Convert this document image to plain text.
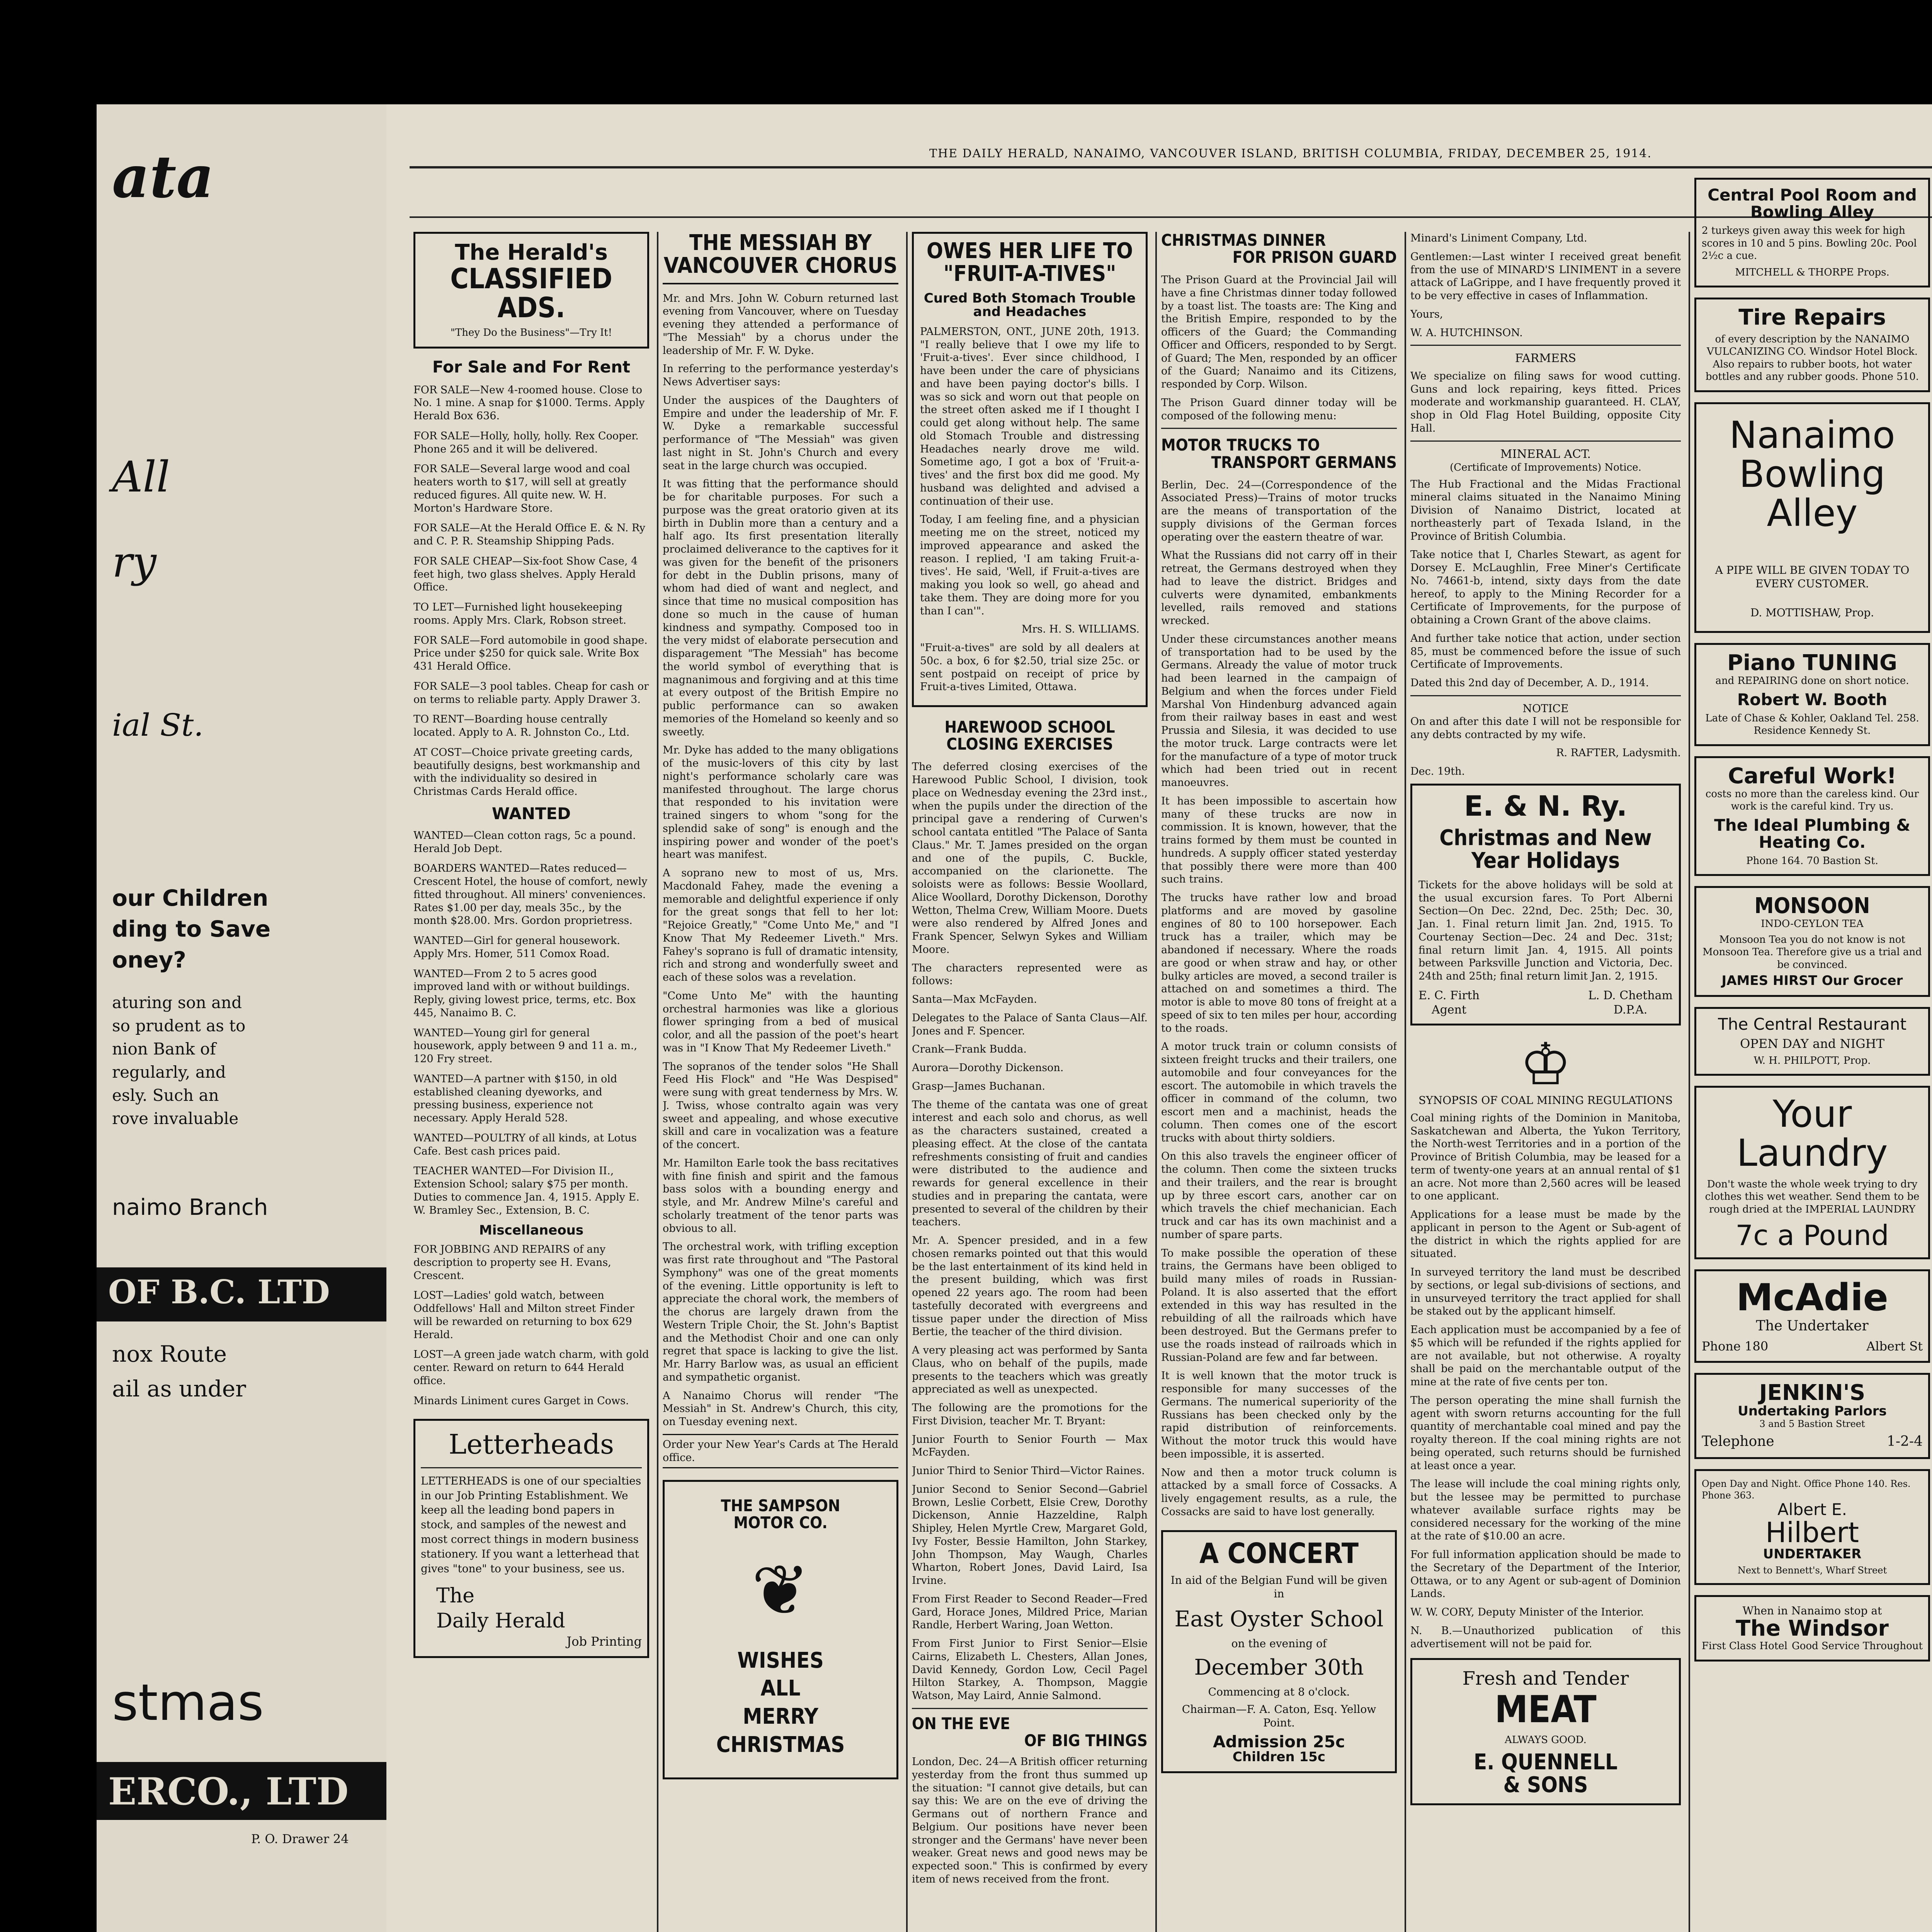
ata
All
ry
ial St.
our Children
ding to Save
oney?
aturing son and
so prudent as to
nion Bank of
regularly, and
esly. Such an
rove invaluable
naimo Branch
OF B.C. LTD
nox Route
ail as under
stmas
ERCO., LTD
P. O. Drawer 24
THE DAILY HERALD, NANAIMO, VANCOUVER ISLAND, BRITISH COLUMBIA, FRIDAY, DECEMBER 25, 1914.
The Herald's
CLASSIFIED ADS.
"They Do the Business"—Try It!
For Sale and For Rent
FOR SALE—New 4-roomed house. Close to No. 1 mine. A snap for $1000. Terms. Apply Herald Box 636.
FOR SALE—Holly, holly, holly. Rex Cooper. Phone 265 and it will be delivered.
FOR SALE—Several large wood and coal heaters worth to $17, will sell at greatly reduced figures. All quite new. W. H. Morton's Hardware Store.
FOR SALE—At the Herald Office E. & N. Ry and C. P. R. Steamship Shipping Pads.
FOR SALE CHEAP—Six-foot Show Case, 4 feet high, two glass shelves. Apply Herald Office.
TO LET—Furnished light housekeeping rooms. Apply Mrs. Clark, Robson street.
FOR SALE—Ford automobile in good shape. Price under $250 for quick sale. Write Box 431 Herald Office.
FOR SALE—3 pool tables. Cheap for cash or on terms to reliable party. Apply Drawer 3.
TO RENT—Boarding house centrally located. Apply to A. R. Johnston Co., Ltd.
AT COST—Choice private greeting cards, beautifully designs, best workmanship and with the individuality so desired in Christmas Cards Herald office.
WANTED
WANTED—Clean cotton rags, 5c a pound. Herald Job Dept.
BOARDERS WANTED—Rates reduced—Crescent Hotel, the house of comfort, newly fitted throughout. All miners' conveniences. Rates $1.00 per day, meals 35c., by the month $28.00. Mrs. Gordon proprietress.
WANTED—Girl for general housework. Apply Mrs. Homer, 511 Comox Road.
WANTED—From 2 to 5 acres good improved land with or without buildings. Reply, giving lowest price, terms, etc. Box 445, Nanaimo B. C.
WANTED—Young girl for general housework, apply between 9 and 11 a. m., 120 Fry street.
WANTED—A partner with $150, in old established cleaning dyeworks, and pressing business, experience not necessary. Apply Herald 528.
WANTED—POULTRY of all kinds, at Lotus Cafe. Best cash prices paid.
TEACHER WANTED—For Division II., Extension School; salary $75 per month. Duties to commence Jan. 4, 1915. Apply E. W. Bramley Sec., Extension, B. C.
Miscellaneous
FOR JOBBING AND REPAIRS of any description to property see H. Evans, Crescent.
LOST—Ladies' gold watch, between Oddfellows' Hall and Milton street Finder will be rewarded on returning to box 629 Herald.
LOST—A green jade watch charm, with gold center. Reward on return to 644 Herald office.
Minards Liniment cures Garget in Cows.
Letterheads
LETTERHEADS is one of our specialties in our Job Printing Establishment. We keep all the leading bond papers in stock, and samples of the newest and most correct things in modern business stationery. If you want a letterhead that gives "tone" to your business, see us.
The
Daily Herald
Job Printing
THE MESSIAH BY VANCOUVER CHORUS

Mr. and Mrs. John W. Coburn returned last evening from Vancouver, where on Tuesday evening they attended a performance of "The Messiah" by a chorus under the leadership of Mr. F. W. Dyke.

In referring to the performance yesterday's News Advertiser says:

Under the auspices of the Daughters of Empire and under the leadership of Mr. F. W. Dyke a remarkable successful performance of "The Messiah" was given last night in St. John's Church and every seat in the large church was occupied.

It was fitting that the performance should be for charitable purposes. For such a purpose was the great oratorio given at its birth in Dublin more than a century and a half ago. Its first presentation literally proclaimed deliverance to the captives for it was given for the benefit of the prisoners for debt in the Dublin prisons, many of whom had died of want and neglect, and since that time no musical composition has done so much in the cause of human kindness and sympathy. Composed too in the very midst of elaborate persecution and disparagement "The Messiah" has become the world symbol of everything that is magnanimous and forgiving and at this time at every outpost of the British Empire no public performance can so awaken memories of the Homeland so keenly and so sweetly.

Mr. Dyke has added to the many obligations of the music-lovers of this city by last night's performance scholarly care was manifested throughout. The large chorus that responded to his invitation were trained singers to whom "song for the splendid sake of song" is enough and the inspiring power and wonder of the poet's heart was manifest.

A soprano new to most of us, Mrs. Macdonald Fahey, made the evening a memorable and delightful experience if only for the great songs that fell to her lot: "Rejoice Greatly," "Come Unto Me," and "I Know That My Redeemer Liveth." Mrs. Fahey's soprano is full of dramatic intensity, rich and strong and wonderfully sweet and each of these solos was a revelation.

"Come Unto Me" with the haunting orchestral harmonies was like a glorious flower springing from a bed of musical color, and all the passion of the poet's heart was in "I Know That My Redeemer Liveth."

The sopranos of the tender solos "He Shall Feed His Flock" and "He Was Despised" were sung with great tenderness by Mrs. W. J. Twiss, whose contralto again was very sweet and appealing, and whose executive skill and care in vocalization was a feature of the concert.

Mr. Hamilton Earle took the bass recitatives with fine finish and spirit and the famous bass solos with a bounding energy and style, and Mr. Andrew Milne's careful and scholarly treatment of the tenor parts was obvious to all.

The orchestral work, with trifling exception was first rate throughout and "The Pastoral Symphony" was one of the great moments of the evening. Little opportunity is left to appreciate the choral work, the members of the chorus are largely drawn from the Western Triple Choir, the St. John's Baptist and the Methodist Choir and one can only regret that space is lacking to give the list. Mr. Harry Barlow was, as usual an efficient and sympathetic organist.

A Nanaimo Chorus will render "The Messiah" in St. Andrew's Church, this city, on Tuesday evening next.

Order your New Year's Cards at The Herald office.

THE SAMPSON
MOTOR CO.
❦
WISHES
ALL
MERRY
CHRISTMAS
OWES HER LIFE TO "FRUIT-A-TIVES"
Cured Both Stomach Trouble and Headaches

PALMERSTON, ONT., JUNE 20th, 1913. "I really believe that I owe my life to 'Fruit-a-tives'. Ever since childhood, I have been under the care of physicians and have been paying doctor's bills. I was so sick and worn out that people on the street often asked me if I thought I could get along without help. The same old Stomach Trouble and distressing Headaches nearly drove me wild. Sometime ago, I got a box of 'Fruit-a-tives' and the first box did me good. My husband was delighted and advised a continuation of their use.

Today, I am feeling fine, and a physician meeting me on the street, noticed my improved appearance and asked the reason. I replied, 'I am taking Fruit-a-tives'. He said, 'Well, if Fruit-a-tives are making you look so well, go ahead and take them. They are doing more for you than I can'".

Mrs. H. S. WILLIAMS.

"Fruit-a-tives" are sold by all dealers at 50c. a box, 6 for $2.50, trial size 25c. or sent postpaid on receipt of price by Fruit-a-tives Limited, Ottawa.

HAREWOOD SCHOOL
CLOSING EXERCISES

The deferred closing exercises of the Harewood Public School, I division, took place on Wednesday evening the 23rd inst., when the pupils under the direction of the principal gave a rendering of Curwen's school cantata entitled "The Palace of Santa Claus." Mr. T. James presided on the organ and one of the pupils, C. Buckle, accompanied on the clarionette. The soloists were as follows: Bessie Woollard, Alice Woollard, Dorothy Dickenson, Dorothy Wetton, Thelma Crew, William Moore. Duets were also rendered by Alfred Jones and Frank Spencer, Selwyn Sykes and William Moore.

The characters represented were as follows:

Santa—Max McFayden.

Delegates to the Palace of Santa Claus—Alf. Jones and F. Spencer.

Crank—Frank Budda.

Aurora—Dorothy Dickenson.

Grasp—James Buchanan.

The theme of the cantata was one of great interest and each solo and chorus, as well as the characters sustained, created a pleasing effect. At the close of the cantata refreshments consisting of fruit and candies were distributed to the audience and rewards for general excellence in their studies and in preparing the cantata, were presented to several of the children by their teachers.

Mr. A. Spencer presided, and in a few chosen remarks pointed out that this would be the last entertainment of its kind held in the present building, which was first opened 22 years ago. The room had been tastefully decorated with evergreens and tissue paper under the direction of Miss Bertie, the teacher of the third division.

A very pleasing act was performed by Santa Claus, who on behalf of the pupils, made presents to the teachers which was greatly appreciated as well as unexpected.

The following are the promotions for the First Division, teacher Mr. T. Bryant:

Junior Fourth to Senior Fourth — Max McFayden.

Junior Third to Senior Third—Victor Raines.

Junior Second to Senior Second—Gabriel Brown, Leslie Corbett, Elsie Crew, Dorothy Dickenson, Annie Hazzeldine, Ralph Shipley, Helen Myrtle Crew, Margaret Gold, Ivy Foster, Bessie Hamilton, John Starkey, John Thompson, May Waugh, Charles Wharton, Robert Jones, David Laird, Isa Irvine.

From First Reader to Second Reader—Fred Gard, Horace Jones, Mildred Price, Marian Randle, Herbert Waring, Joan Wetton.

From First Junior to First Senior—Elsie Cairns, Elizabeth L. Chesters, Allan Jones, David Kennedy, Gordon Low, Cecil Pagel Hilton Starkey, A. Thompson, Maggie Watson, May Laird, Annie Salmond.

ON THE EVE
OF BIG THINGS

London, Dec. 24—A British officer returning yesterday from the front thus summed up the situation: "I cannot give details, but can say this: We are on the eve of driving the Germans out of northern France and Belgium. Our positions have never been stronger and the Germans' have never been weaker. Great news and good news may be expected soon." This is confirmed by every item of news received from the front.

CHRISTMAS DINNER
FOR PRISON GUARD

The Prison Guard at the Provincial Jail will have a fine Christmas dinner today followed by a toast list. The toasts are: The King and the British Empire, responded to by the officers of the Guard; the Commanding Officer and Officers, responded to by Sergt. of Guard; The Men, responded by an officer of the Guard; Nanaimo and its Citizens, responded by Corp. Wilson.

The Prison Guard dinner today will be composed of the following menu:

MOTOR TRUCKS TO
TRANSPORT GERMANS

Berlin, Dec. 24—(Correspondence of the Associated Press)—Trains of motor trucks are the means of transportation of the supply divisions of the German forces operating over the eastern theatre of war.

What the Russians did not carry off in their retreat, the Germans destroyed when they had to leave the district. Bridges and culverts were dynamited, embankments levelled, rails removed and stations wrecked.

Under these circumstances another means of transportation had to be used by the Germans. Already the value of motor truck had been learned in the campaign of Belgium and when the forces under Field Marshal Von Hindenburg advanced again from their railway bases in east and west Prussia and Silesia, it was decided to use the motor truck. Large contracts were let for the manufacture of a type of motor truck which had been tried out in recent manoeuvres.

It has been impossible to ascertain how many of these trucks are now in commission. It is known, however, that the trains formed by them must be counted in hundreds. A supply officer stated yesterday that possibly there were more than 400 such trains.

The trucks have rather low and broad platforms and are moved by gasoline engines of 80 to 100 horsepower. Each truck has a trailer, which may be abandoned if necessary. Where the roads are good or when straw and hay, or other bulky articles are moved, a second trailer is attached on and sometimes a third. The motor is able to move 80 tons of freight at a speed of six to ten miles per hour, according to the roads.

A motor truck train or column consists of sixteen freight trucks and their trailers, one automobile and four conveyances for the escort. The automobile in which travels the officer in command of the column, two escort men and a machinist, heads the column. Then comes one of the escort trucks with about thirty soldiers.

On this also travels the engineer officer of the column. Then come the sixteen trucks and their trailers, and the rear is brought up by three escort cars, another car on which travels the chief mechanician. Each truck and car has its own machinist and a number of spare parts.

To make possible the operation of these trains, the Germans have been obliged to build many miles of roads in Russian-Poland. It is also asserted that the effort extended in this way has resulted in the rebuilding of all the railroads which have been destroyed. But the Germans prefer to use the roads instead of railroads which in Russian-Poland are few and far between.

It is well known that the motor truck is responsible for many successes of the Germans. The numerical superiority of the Russians has been checked only by the rapid distribution of reinforcements. Without the motor truck this would have been impossible, it is asserted.

Now and then a motor truck column is attacked by a small force of Cossacks. A lively engagement results, as a rule, the Cossacks are said to have lost generally.

A CONCERT
In aid of the Belgian Fund will be given in
East Oyster School
on the evening of
December 30th
Commencing at 8 o'clock.
Chairman—F. A. Caton, Esq. Yellow Point.
Admission 25c
Children 15c

Minard's Liniment Company, Ltd.

Gentlemen:—Last winter I received great benefit from the use of MINARD'S LINIMENT in a severe attack of LaGrippe, and I have frequently proved it to be very effective in cases of Inflammation.

Yours,

W. A. HUTCHINSON.

FARMERS

We specialize on filing saws for wood cutting. Guns and lock repairing, keys fitted. Prices moderate and workmanship guaranteed. H. CLAY, shop in Old Flag Hotel Building, opposite City Hall.

MINERAL ACT.
(Certificate of Improvements) Notice.

The Hub Fractional and the Midas Fractional mineral claims situated in the Nanaimo Mining Division of Nanaimo District, located at northeasterly part of Texada Island, in the Province of British Columbia.

Take notice that I, Charles Stewart, as agent for Dorsey E. McLaughlin, Free Miner's Certificate No. 74661-b, intend, sixty days from the date hereof, to apply to the Mining Recorder for a Certificate of Improvements, for the purpose of obtaining a Crown Grant of the above claims.

And further take notice that action, under section 85, must be commenced before the issue of such Certificate of Improvements.

Dated this 2nd day of December, A. D., 1914.

NOTICE

On and after this date I will not be responsible for any debts contracted by my wife.

R. RAFTER, Ladysmith.

Dec. 19th.

E. & N. Ry.
Christmas and New Year Holidays

Tickets for the above holidays will be sold at the usual excursion fares. To Port Alberni Section—On Dec. 22nd, Dec. 25th; Dec. 30, Jan. 1. Final return limit Jan. 2nd, 1915. To Courtenay Section—Dec. 24 and Dec. 31st; final return limit Jan. 4, 1915. All points between Parksville Junction and Victoria, Dec. 24th and 25th; final return limit Jan. 2, 1915.

E. C. Firth
Agent
L. D. Chetham
D.P.A.
♔
SYNOPSIS OF COAL MINING REGULATIONS

Coal mining rights of the Dominion in Manitoba, Saskatchewan and Alberta, the Yukon Territory, the North-west Territories and in a portion of the Province of British Columbia, may be leased for a term of twenty-one years at an annual rental of $1 an acre. Not more than 2,560 acres will be leased to one applicant.

Applications for a lease must be made by the applicant in person to the Agent or Sub-agent of the district in which the rights applied for are situated.

In surveyed territory the land must be described by sections, or legal sub-divisions of sections, and in unsurveyed territory the tract applied for shall be staked out by the applicant himself.

Each application must be accompanied by a fee of $5 which will be refunded if the rights applied for are not available, but not otherwise. A royalty shall be paid on the merchantable output of the mine at the rate of five cents per ton.

The person operating the mine shall furnish the agent with sworn returns accounting for the full quantity of merchantable coal mined and pay the royalty thereon. If the coal mining rights are not being operated, such returns should be furnished at least once a year.

The lease will include the coal mining rights only, but the lessee may be permitted to purchase whatever available surface rights may be considered necessary for the working of the mine at the rate of $10.00 an acre.

For full information application should be made to the Secretary of the Department of the Interior, Ottawa, or to any Agent or sub-agent of Dominion Lands.

W. W. CORY, Deputy Minister of the Interior.

N. B.—Unauthorized publication of this advertisement will not be paid for.

Fresh and Tender
MEAT
ALWAYS GOOD.
E. QUENNELL
& SONS
Central Pool Room and Bowling Alley
2 turkeys given away this week for high scores in 10 and 5 pins. Bowling 20c. Pool 2½c a cue.
MITCHELL & THORPE Props.
Tire Repairs
of every description by the NANAIMO VULCANIZING CO. Windsor Hotel Block. Also repairs to rubber boots, hot water bottles and any rubber goods. Phone 510.
Nanaimo
Bowling
Alley
A PIPE WILL BE GIVEN TODAY TO EVERY CUSTOMER.
D. MOTTISHAW, Prop.
Piano TUNING
and REPAIRING done on short notice.
Robert W. Booth
Late of Chase & Kohler, Oakland Tel. 258. Residence Kennedy St.
Careful Work!
costs no more than the careless kind. Our work is the careful kind. Try us.
The Ideal Plumbing & Heating Co.
Phone 164. 70 Bastion St.
MONSOON
INDO-CEYLON TEA
Monsoon Tea you do not know is not Monsoon Tea. Therefore give us a trial and be convinced.
JAMES HIRST Our Grocer
The Central Restaurant
OPEN DAY and NIGHT
W. H. PHILPOTT, Prop.
Your
Laundry
Don't waste the whole week trying to dry clothes this wet weather. Send them to be rough dried at the IMPERIAL LAUNDRY
7c a Pound
McAdie
The Undertaker
Phone 180	Albert St
JENKIN'S
Undertaking Parlors
3 and 5 Bastion Street
Telephone	1-2-4
Open Day and Night. Office Phone 140. Res. Phone 363.
Albert E.
Hilbert
UNDERTAKER
Next to Bennett's, Wharf Street
When in Nanaimo stop at
The Windsor
First Class Hotel Good Service Throughout
